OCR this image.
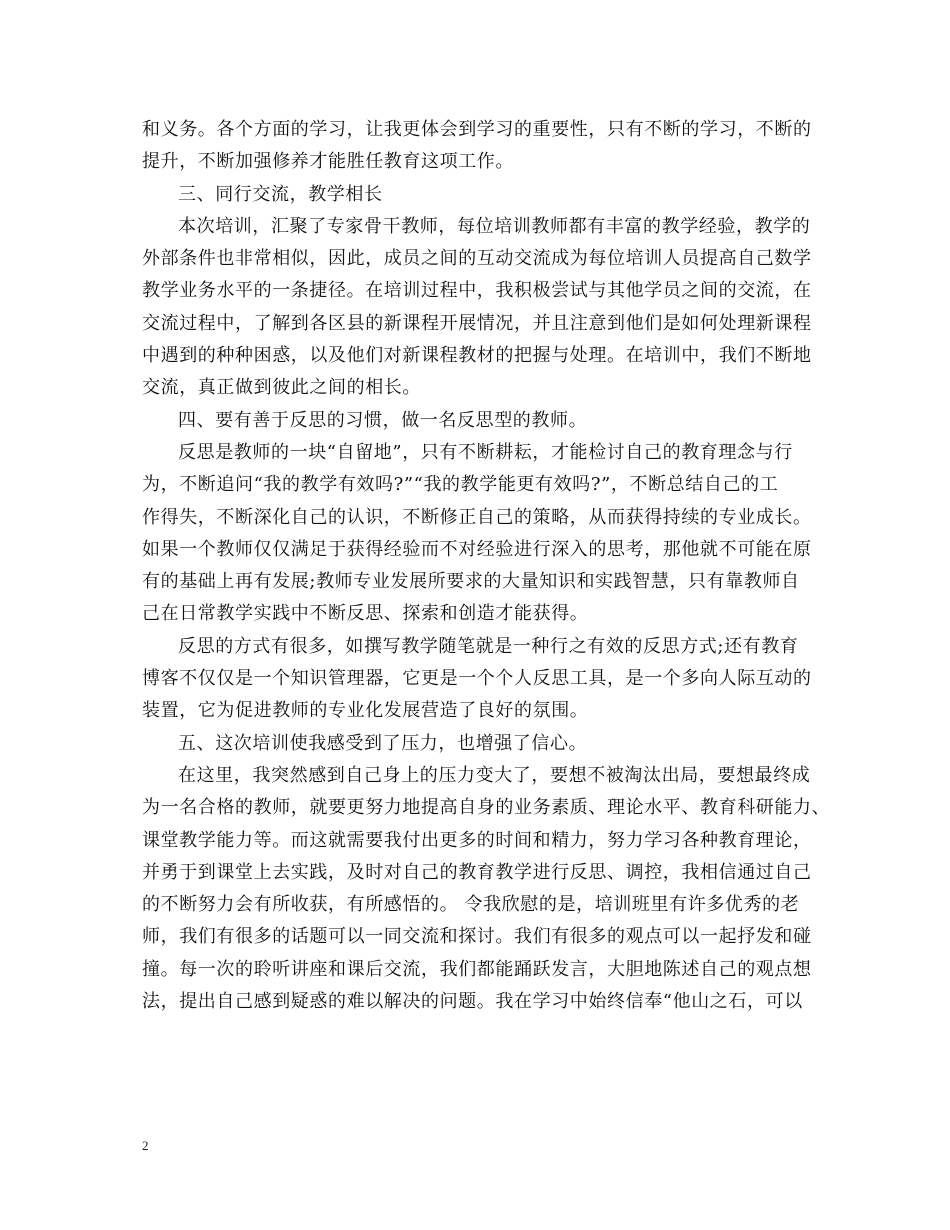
和义务。各个方面的学习，让我更体会到学习的重要性，只有不断的学习，不断的
提升，不断加强修养才能胜任教育这项工作。
三、同行交流，教学相长
本次培训，汇聚了专家骨干教师，每位培训教师都有丰富的教学经验，教学的
外部条件也非常相似，因此，成员之间的互动交流成为每位培训人员提高自己数学
教学业务水平的一条捷径。在培训过程中，我积极尝试与其他学员之间的交流，在
交流过程中，了解到各区县的新课程开展情况，并且注意到他们是如何处理新课程
中遇到的种种困惑，以及他们对新课程教材的把握与处理。在培训中，我们不断地
交流，真正做到彼此之间的相长。
四、要有善于反思的习惯，做一名反思型的教师。
反思是教师的一块“自留地”，只有不断耕耘，才能检讨自己的教育理念与行
为，不断追问“我的教学有效吗?”“我的教学能更有效吗?”，不断总结自己的工
作得失，不断深化自己的认识，不断修正自己的策略，从而获得持续的专业成长。
如果一个教师仅仅满足于获得经验而不对经验进行深入的思考，那他就不可能在原
有的基础上再有发展;教师专业发展所要求的大量知识和实践智慧，只有靠教师自
己在日常教学实践中不断反思、探索和创造才能获得。
反思的方式有很多，如撰写教学随笔就是一种行之有效的反思方式;还有教育
博客不仅仅是一个知识管理器，它更是一个个人反思工具，是一个多向人际互动的
装置，它为促进教师的专业化发展营造了良好的氛围。
五、这次培训使我感受到了压力，也增强了信心。
在这里，我突然感到自己身上的压力变大了，要想不被淘汰出局，要想最终成
为一名合格的教师，就要更努力地提高自身的业务素质、理论水平、教育科研能力、
课堂教学能力等。而这就需要我付出更多的时间和精力，努力学习各种教育理论，
并勇于到课堂上去实践，及时对自己的教育教学进行反思、调控，我相信通过自己
的不断努力会有所收获，有所感悟的。 令我欣慰的是，培训班里有许多优秀的老
师，我们有很多的话题可以一同交流和探讨。我们有很多的观点可以一起抒发和碰
撞。每一次的聆听讲座和课后交流，我们都能踊跃发言，大胆地陈述自己的观点想
法，提出自己感到疑惑的难以解决的问题。我在学习中始终信奉“他山之石，可以
2
